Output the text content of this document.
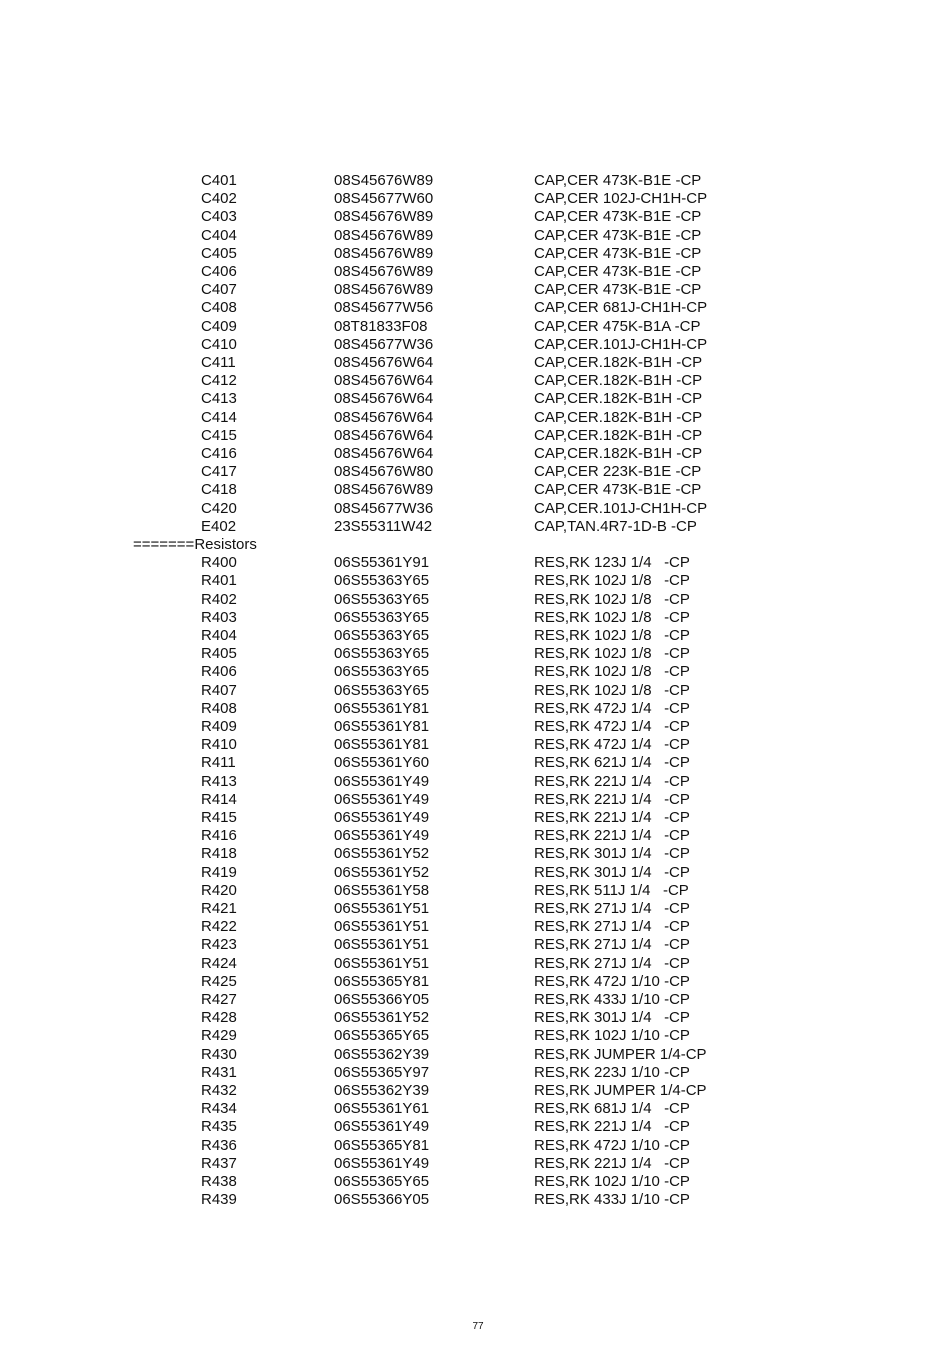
C401	08S45676W89	CAP,CER 473K-B1E -CP
C402	08S45677W60	CAP,CER 102J-CH1H-CP
C403	08S45676W89	CAP,CER 473K-B1E -CP
C404	08S45676W89	CAP,CER 473K-B1E -CP
C405	08S45676W89	CAP,CER 473K-B1E -CP
C406	08S45676W89	CAP,CER 473K-B1E -CP
C407	08S45676W89	CAP,CER 473K-B1E -CP
C408	08S45677W56	CAP,CER 681J-CH1H-CP
C409	08T81833F08	CAP,CER 475K-B1A -CP
C410	08S45677W36	CAP,CER.101J-CH1H-CP
C411	08S45676W64	CAP,CER.182K-B1H -CP
C412	08S45676W64	CAP,CER.182K-B1H -CP
C413	08S45676W64	CAP,CER.182K-B1H -CP
C414	08S45676W64	CAP,CER.182K-B1H -CP
C415	08S45676W64	CAP,CER.182K-B1H -CP
C416	08S45676W64	CAP,CER.182K-B1H -CP
C417	08S45676W80	CAP,CER 223K-B1E -CP
C418	08S45676W89	CAP,CER 473K-B1E -CP
C420	08S45677W36	CAP,CER.101J-CH1H-CP
E402	23S55311W42	CAP,TAN.4R7-1D-B -CP
=======Resistors
R400	06S55361Y91	RES,RK 123J 1/4   -CP
R401	06S55363Y65	RES,RK 102J 1/8   -CP
R402	06S55363Y65	RES,RK 102J 1/8   -CP
R403	06S55363Y65	RES,RK 102J 1/8   -CP
R404	06S55363Y65	RES,RK 102J 1/8   -CP
R405	06S55363Y65	RES,RK 102J 1/8   -CP
R406	06S55363Y65	RES,RK 102J 1/8   -CP
R407	06S55363Y65	RES,RK 102J 1/8   -CP
R408	06S55361Y81	RES,RK 472J 1/4   -CP
R409	06S55361Y81	RES,RK 472J 1/4   -CP
R410	06S55361Y81	RES,RK 472J 1/4   -CP
R411	06S55361Y60	RES,RK 621J 1/4   -CP
R413	06S55361Y49	RES,RK 221J 1/4   -CP
R414	06S55361Y49	RES,RK 221J 1/4   -CP
R415	06S55361Y49	RES,RK 221J 1/4   -CP
R416	06S55361Y49	RES,RK 221J 1/4   -CP
R418	06S55361Y52	RES,RK 301J 1/4   -CP
R419	06S55361Y52	RES,RK 301J 1/4   -CP
R420	06S55361Y58	RES,RK 511J 1/4   -CP
R421	06S55361Y51	RES,RK 271J 1/4   -CP
R422	06S55361Y51	RES,RK 271J 1/4   -CP
R423	06S55361Y51	RES,RK 271J 1/4   -CP
R424	06S55361Y51	RES,RK 271J 1/4   -CP
R425	06S55365Y81	RES,RK 472J 1/10 -CP
R427	06S55366Y05	RES,RK 433J 1/10 -CP
R428	06S55361Y52	RES,RK 301J 1/4   -CP
R429	06S55365Y65	RES,RK 102J 1/10 -CP
R430	06S55362Y39	RES,RK JUMPER 1/4-CP
R431	06S55365Y97	RES,RK 223J 1/10 -CP
R432	06S55362Y39	RES,RK JUMPER 1/4-CP
R434	06S55361Y61	RES,RK 681J 1/4   -CP
R435	06S55361Y49	RES,RK 221J 1/4   -CP
R436	06S55365Y81	RES,RK 472J 1/10 -CP
R437	06S55361Y49	RES,RK 221J 1/4   -CP
R438	06S55365Y65	RES,RK 102J 1/10 -CP
R439	06S55366Y05	RES,RK 433J 1/10 -CP
77
